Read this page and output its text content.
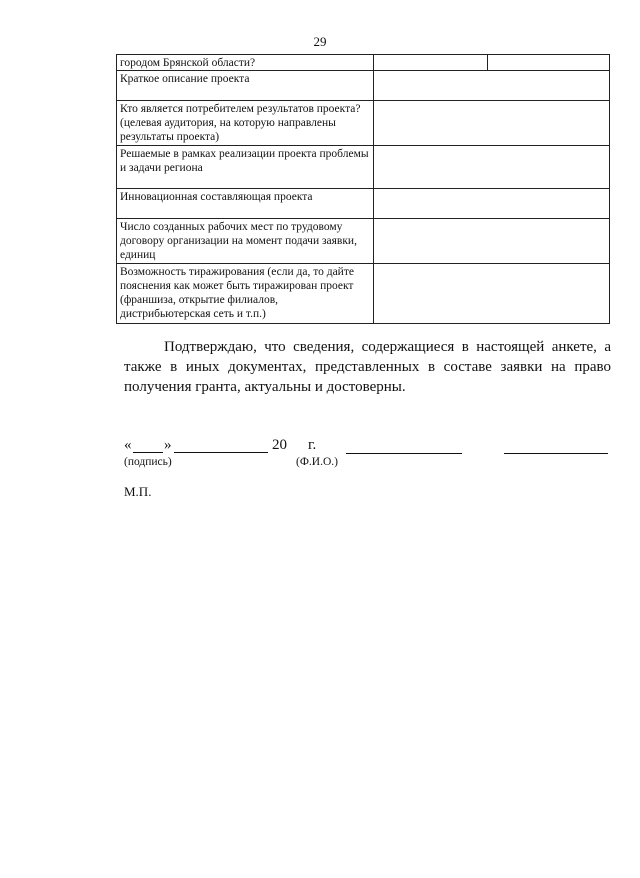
29
городом Брянской области?	

Краткое описание проекта	
Кто является потребителем результатов проекта? (целевая аудитория, на которую направлены результаты проекта)	
Решаемые в рамках реализации проекта проблемы и задачи региона	
Инновационная составляющая проекта	
Число созданных рабочих мест по трудовому договору организации на момент подачи заявки, единиц	
Возможность тиражирования (если да, то дайте пояснения как может быть тиражирован проект (франшиза, открытие филиалов, дистрибьютерская сеть и т.п.)	
Подтверждаю, что сведения, содержащиеся в настоящей анкете, а также в иных документах, представленных в составе заявки на право получения гранта, актуальны и достоверны.
« »	20 г.
(подпись)	(Ф.И.О.)
М.П.
